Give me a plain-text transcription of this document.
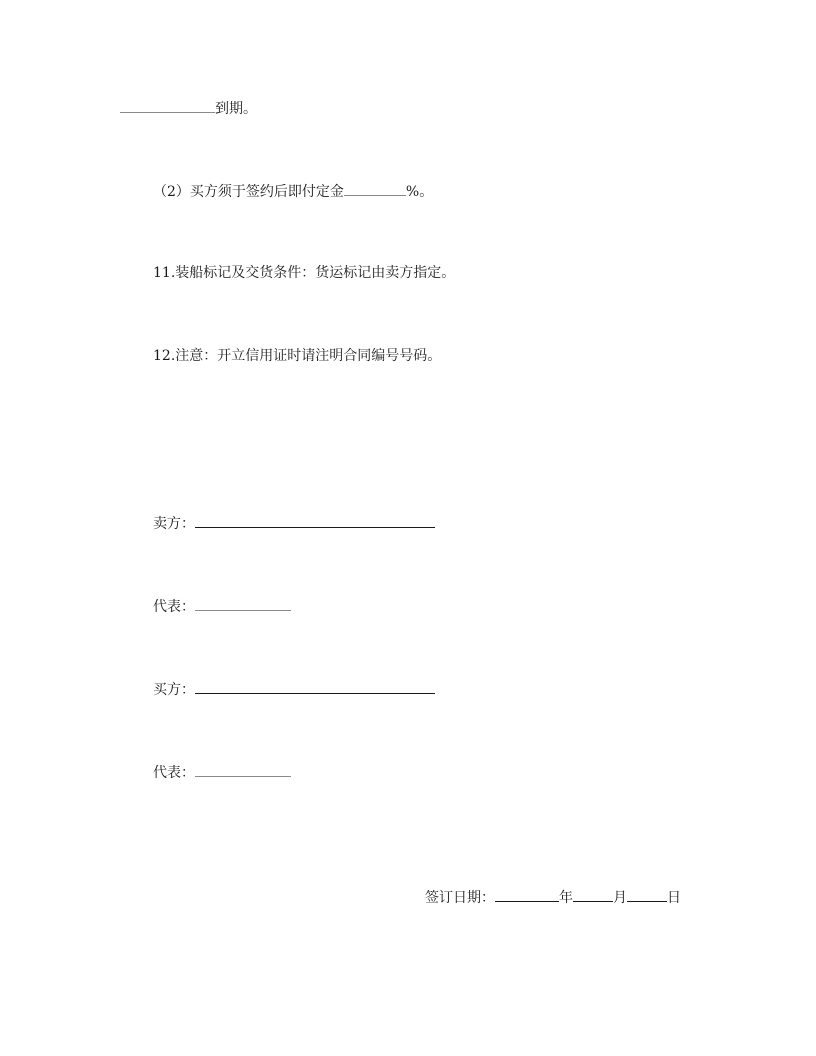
到期。
（2）买方须于签约后即付定金	%。
11.装船标记及交货条件：货运标记由卖方指定。
12.注意：开立信用证时请注明合同编号号码。
卖方：
代表：
买方：
代表：
签订日期：	年	月	日
